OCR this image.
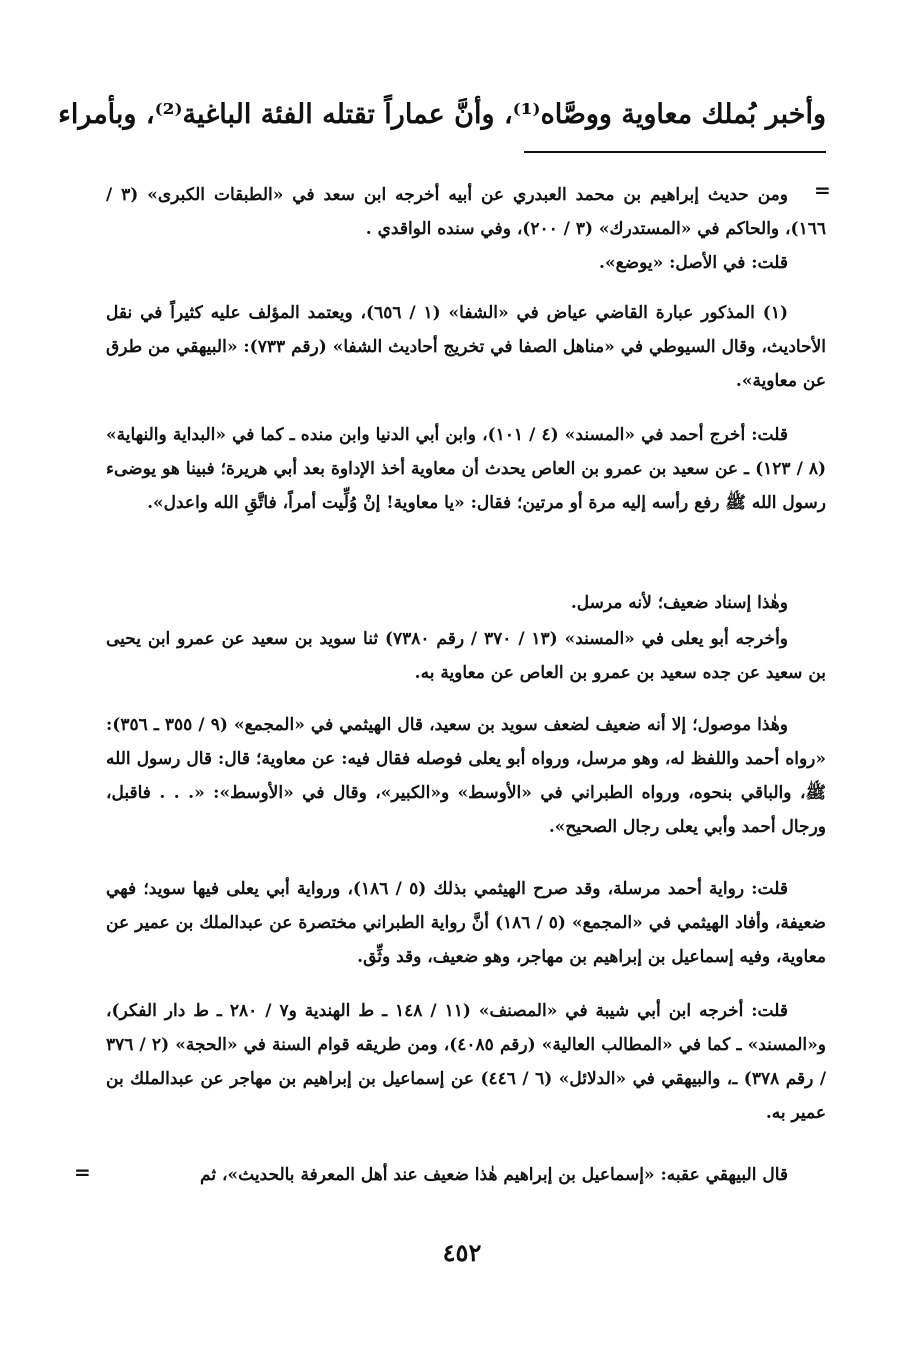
وأخبر بُملك معاوية ووصَّاه⁽¹⁾، وأنَّ عماراً تقتله الفئة الباغية⁽²⁾، وبأمراء
=
ومن حديث إبراهيم بن محمد العبدري عن أبيه أخرجه ابن سعد في «الطبقات الكبرى» (٣ / ١٦٦)، والحاكم في «المستدرك» (٣ / ٢٠٠)، وفي سنده الواقدي .
قلت: في الأصل: «يوضع».
(١) المذكور عبارة القاضي عياض في «الشفا» (١ / ٦٥٦)، ويعتمد المؤلف عليه كثيراً في نقل الأحاديث، وقال السيوطي في «مناهل الصفا في تخريج أحاديث الشفا» (رقم ٧٣٣): «البيهقي من طرق عن معاوية».
قلت: أخرج أحمد في «المسند» (٤ / ١٠١)، وابن أبي الدنيا وابن منده ـ كما في «البداية والنهاية» (٨ / ١٢٣) ـ عن سعيد بن عمرو بن العاص يحدث أن معاوية أخذ الإداوة بعد أبي هريرة؛ فبينا هو يوضىء رسول الله ﷺ رفع رأسه إليه مرة أو مرتين؛ فقال: «يا معاوية! إنْ وُلِّيت أمراً، فاتَّقِ الله واعدل».
وهٰذا إسناد ضعيف؛ لأنه مرسل.
وأخرجه أبو يعلى في «المسند» (١٣ / ٣٧٠ / رقم ٧٣٨٠) ثنا سويد بن سعيد عن عمرو ابن يحيى بن سعيد عن جده سعيد بن عمرو بن العاص عن معاوية به.
وهٰذا موصول؛ إلا أنه ضعيف لضعف سويد بن سعيد، قال الهيثمي في «المجمع» (٩ / ٣٥٥ ـ ٣٥٦): «رواه أحمد واللفظ له، وهو مرسل، ورواه أبو يعلى فوصله فقال فيه: عن معاوية؛ قال: قال رسول الله ﷺ، والباقي بنحوه، ورواه الطبراني في «الأوسط» و«الكبير»، وقال في «الأوسط»: «. . . فاقبل، ورجال أحمد وأبي يعلى رجال الصحيح».
قلت: رواية أحمد مرسلة، وقد صرح الهيثمي بذلك (٥ / ١٨٦)، ورواية أبي يعلى فيها سويد؛ فهي ضعيفة، وأفاد الهيثمي في «المجمع» (٥ / ١٨٦) أنَّ رواية الطبراني مختصرة عن عبدالملك بن عمير عن معاوية، وفيه إسماعيل بن إبراهيم بن مهاجر، وهو ضعيف، وقد وثِّق.
قلت: أخرجه ابن أبي شيبة في «المصنف» (١١ / ١٤٨ ـ ط الهندية و٧ / ٢٨٠ ـ ط دار الفكر)، و«المسند» ـ كما في «المطالب العالية» (رقم ٤٠٨٥)، ومن طريقه قوام السنة في «الحجة» (٢ / ٣٧٦ / رقم ٣٧٨) ـ، والبيهقي في «الدلائل» (٦ / ٤٤٦) عن إسماعيل بن إبراهيم بن مهاجر عن عبدالملك بن عمير به.
قال البيهقي عقبه: «إسماعيل بن إبراهيم هٰذا ضعيف عند أهل المعرفة بالحديث»، ثم
=
٤٥٢
